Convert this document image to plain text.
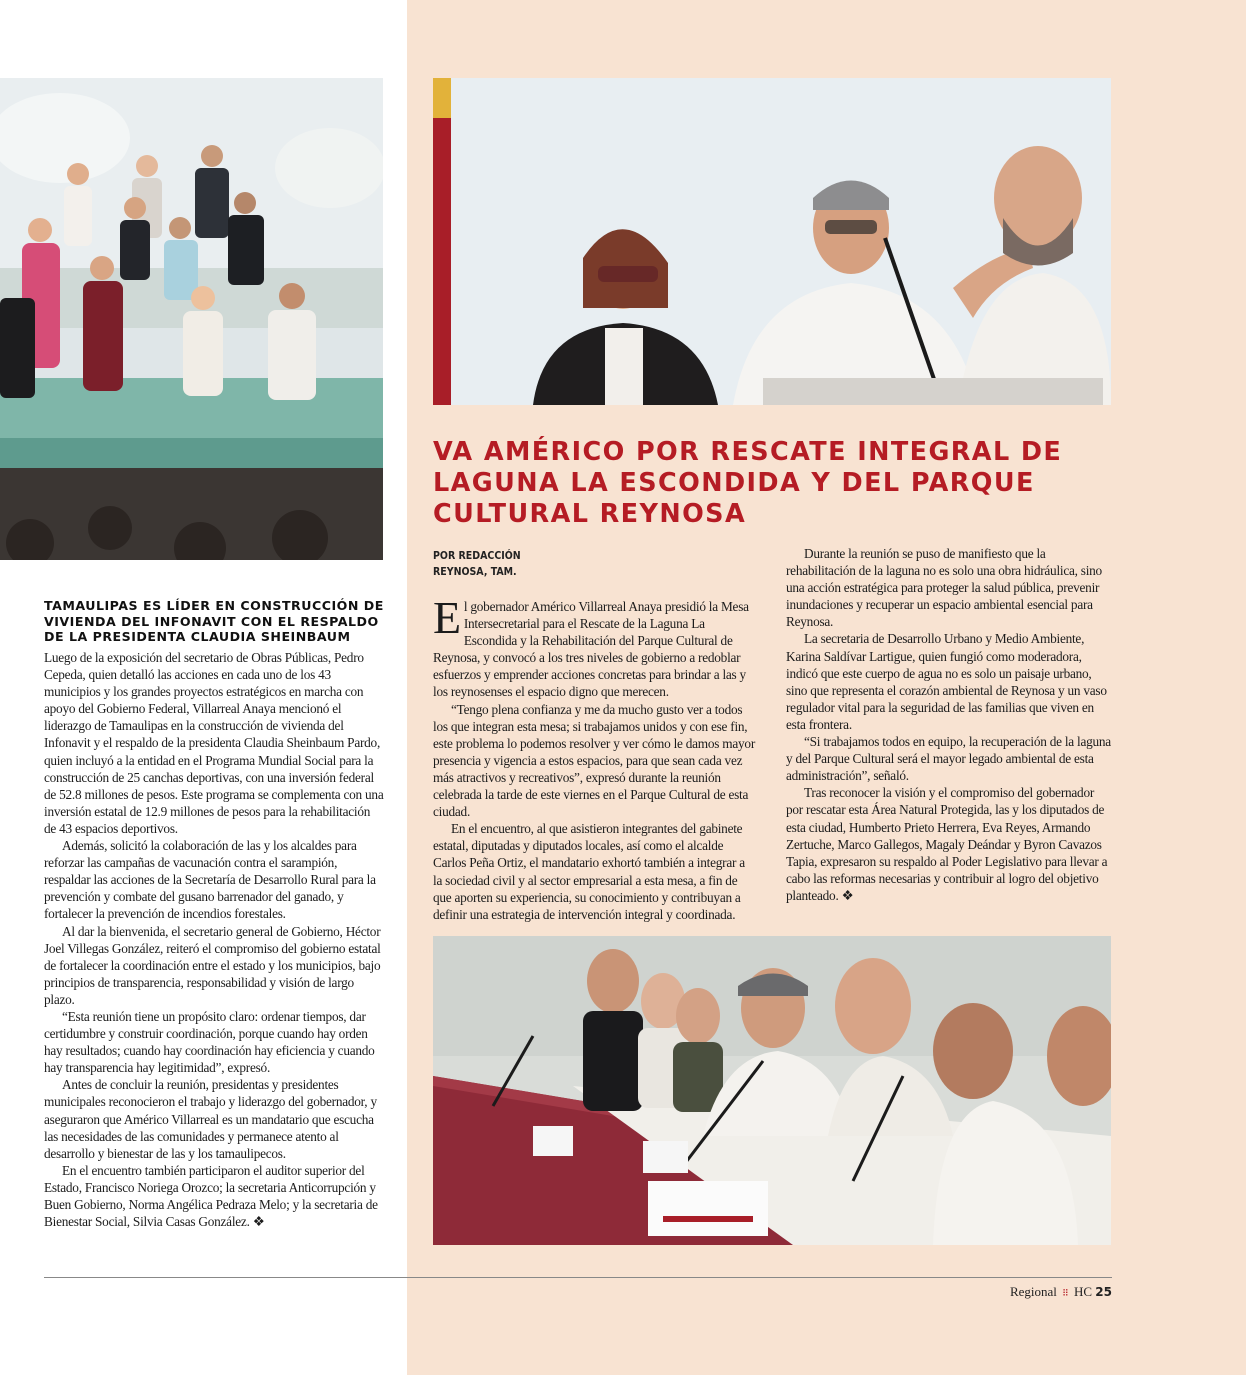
VA AMÉRICO POR RESCATE INTEGRAL DE LAGUNA LA ESCONDIDA Y DEL PARQUE CULTURAL REYNOSA
POR REDACCIÓN
REYNOSA, TAM.

El gobernador Américo Villarreal Anaya presidió la Mesa Intersecretarial para el Rescate de la Laguna La Escondida y la Rehabilitación del Parque Cultural de Reynosa, y convocó a los tres niveles de gobierno a redoblar esfuerzos y emprender acciones concretas para brindar a las y los reynosenses el espacio digno que merecen.

“Tengo plena confianza y me da mucho gusto ver a todos los que integran esta mesa; si trabajamos unidos y con ese fin, este problema lo podemos resolver y ver cómo le damos mayor presencia y vigencia a estos espacios, para que sean cada vez más atractivos y recreativos”, expresó durante la reunión celebrada la tarde de este viernes en el Parque Cultural de esta ciudad.

En el encuentro, al que asistieron integrantes del gabinete estatal, diputadas y diputados locales, así como el alcalde Carlos Peña Ortiz, el mandatario exhortó también a integrar a la sociedad civil y al sector empresarial a esta mesa, a fin de que aporten su experiencia, su conocimiento y contribuyan a definir una estrategia de intervención integral y coordinada.

Durante la reunión se puso de manifiesto que la rehabilitación de la laguna no es solo una obra hidráulica, sino una acción estratégica para proteger la salud pública, prevenir inundaciones y recuperar un espacio ambiental esencial para Reynosa.

La secretaria de Desarrollo Urbano y Medio Ambiente, Karina Saldívar Lartigue, quien fungió como moderadora, indicó que este cuerpo de agua no es solo un paisaje urbano, sino que representa el corazón ambiental de Reynosa y un vaso regulador vital para la seguridad de las familias que viven en esta frontera.

“Si trabajamos todos en equipo, la recuperación de la laguna y del Parque Cultural será el mayor legado ambiental de esta administración”, señaló.

Tras reconocer la visión y el compromiso del gobernador por rescatar esta Área Natural Protegida, las y los diputados de esta ciudad, Humberto Prieto Herrera, Eva Reyes, Armando Zertuche, Marco Gallegos, Magaly Deándar y Byron Cavazos Tapia, expresaron su respaldo al Poder Legislativo para llevar a cabo las reformas necesarias y contribuir al logro del objetivo planteado. ❖

TAMAULIPAS ES LÍDER EN CONSTRUCCIÓN DE VIVIENDA DEL INFONAVIT CON EL RESPALDO DE LA PRESIDENTA CLAUDIA SHEINBAUM

Luego de la exposición del secretario de Obras Públicas, Pedro Cepeda, quien detalló las acciones en cada uno de los 43 municipios y los grandes proyectos estratégicos en marcha con apoyo del Gobierno Federal, Villarreal Anaya mencionó el liderazgo de Tamaulipas en la construcción de vivienda del Infonavit y el respaldo de la presidenta Claudia Sheinbaum Pardo, quien incluyó a la entidad en el Programa Mundial Social para la construcción de 25 canchas deportivas, con una inversión federal de 52.8 millones de pesos. Este programa se complementa con una inversión estatal de 12.9 millones de pesos para la rehabilitación de 43 espacios deportivos.

Además, solicitó la colaboración de las y los alcaldes para reforzar las campañas de vacunación contra el sarampión, respaldar las acciones de la Secretaría de Desarrollo Rural para la prevención y combate del gusano barrenador del ganado, y fortalecer la prevención de incendios forestales.

Al dar la bienvenida, el secretario general de Gobierno, Héctor Joel Villegas González, reiteró el compromiso del gobierno estatal de fortalecer la coordinación entre el estado y los municipios, bajo principios de transparencia, responsabilidad y visión de largo plazo.

“Esta reunión tiene un propósito claro: ordenar tiempos, dar certidumbre y construir coordinación, porque cuando hay orden hay resultados; cuando hay coordinación hay eficiencia y cuando hay transparencia hay legitimidad”, expresó.

Antes de concluir la reunión, presidentas y presidentes municipales reconocieron el trabajo y liderazgo del gobernador, y aseguraron que Américo Villarreal es un mandatario que escucha las necesidades de las comunidades y permanece atento al desarrollo y bienestar de las y los tamaulipecos.

En el encuentro también participaron el auditor superior del Estado, Francisco Noriega Orozco; la secretaria Anticorrupción y Buen Gobierno, Norma Angélica Pedraza Melo; y la secretaria de Bienestar Social, Silvia Casas González. ❖

Regional ⠿ HC 25
